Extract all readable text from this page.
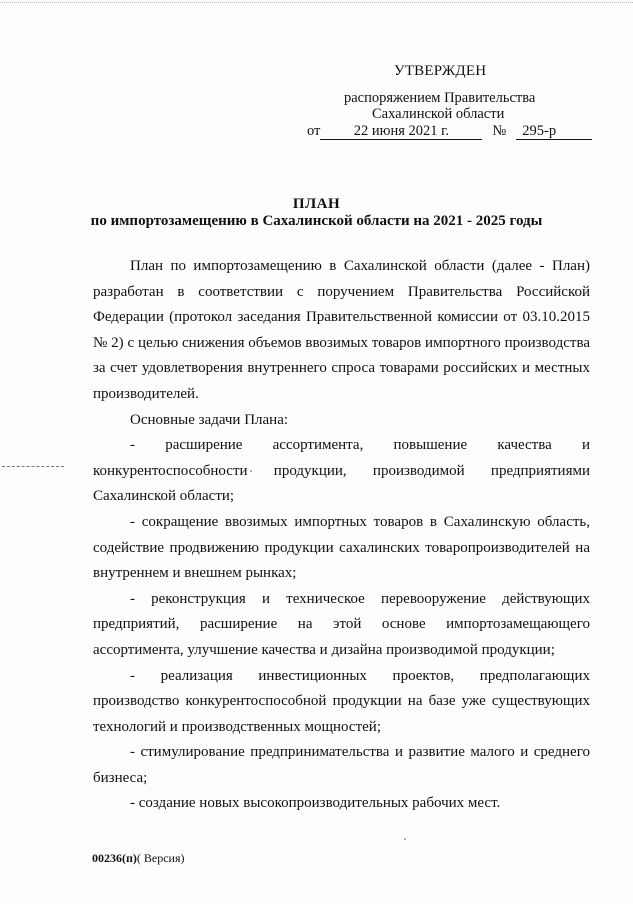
УТВЕРЖДЕН
распоряжением Правительства
Сахалинской области
от 22 июня 2021 г.	№ 295-р
ПЛАН
по импортозамещению в Сахалинской области на 2021 - 2025 годы

План по импортозамещению в Сахалинской области (далее - План) разработан в соответствии с поручением Правительства Российской Федерации (протокол заседания Правительственной комиссии от 03.10.2015 № 2) с целью снижения объемов ввозимых товаров импортного производства за счет удовлетворения внутреннего спроса товарами российских и местных производителей.

Основные задачи Плана:

- расширение ассортимента, повышение качества и конкурентоспособности продукции, производимой предприятиями Сахалинской области;

- сокращение ввозимых импортных товаров в Сахалинскую область, содействие продвижению продукции сахалинских товаропроизводителей на внутреннем и внешнем рынках;

- реконструкция и техническое перевооружение действующих предприятий, расширение на этой основе импортозамещающего ассортимента, улучшение качества и дизайна производимой продукции;

- реализация инвестиционных проектов, предполагающих производство конкурентоспособной продукции на базе уже существующих технологий и производственных мощностей;

- стимулирование предпринимательства и развитие малого и среднего бизнеса;

- создание новых высокопроизводительных рабочих мест.

00236(п)( Версия)
